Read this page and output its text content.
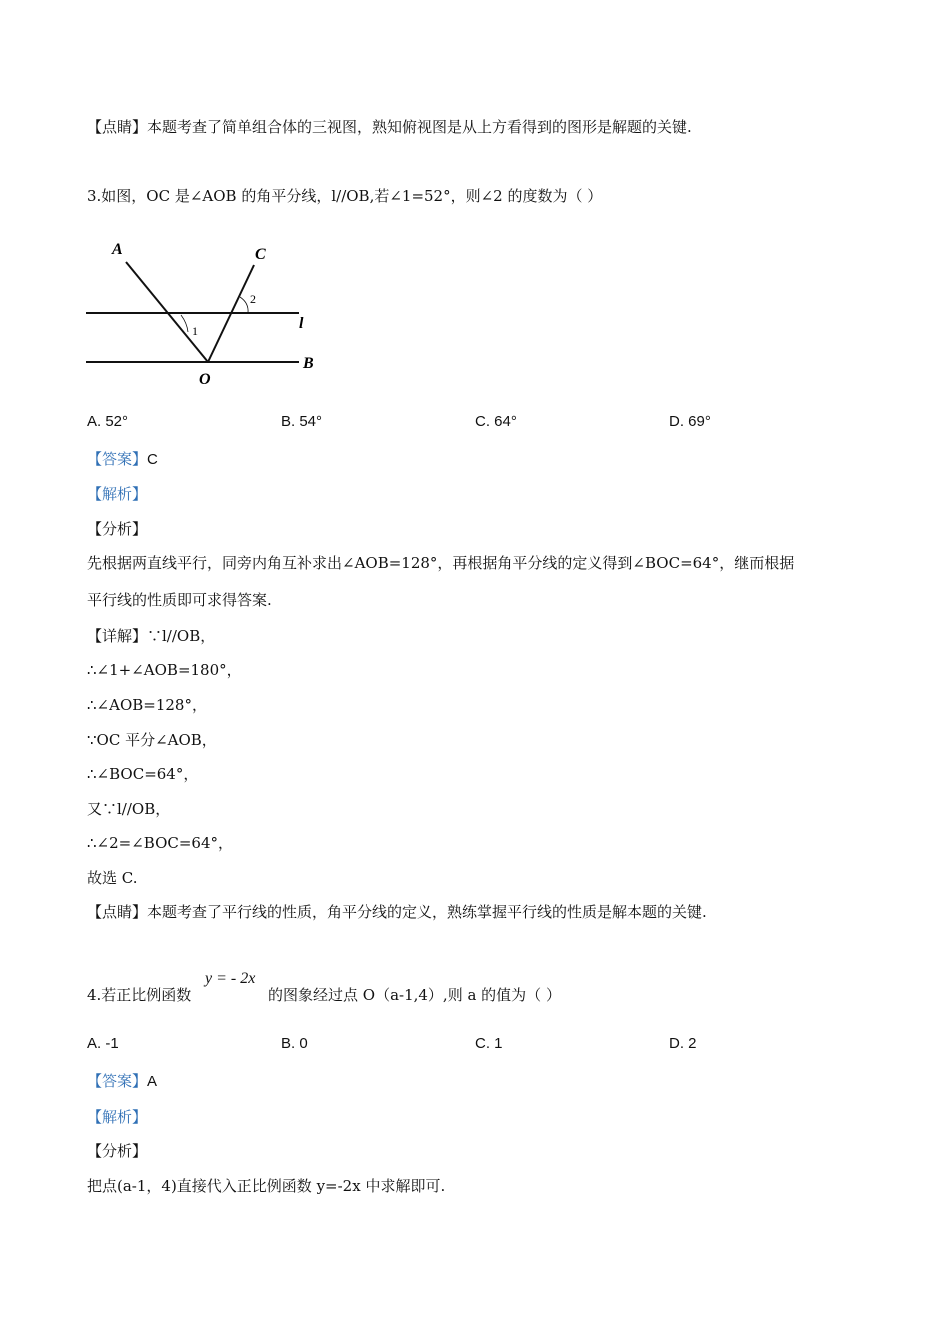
【点睛】本题考查了简单组合体的三视图，熟知俯视图是从上方看得到的图形是解题的关键.
3.如图，OC 是∠AOB 的角平分线，l//OB,若∠1=52°，则∠2 的度数为（ ）
A	C
2
l
1
B
O
A. 52°	B. 54°	C. 64°	D. 69°
【答案】C
【解析】
【分析】
先根据两直线平行，同旁内角互补求出∠AOB=128°，再根据角平分线的定义得到∠BOC=64°，继而根据
平行线的性质即可求得答案.
【详解】∵l//OB，
∴∠1+∠AOB=180°，
∴∠AOB=128°，
∵OC 平分∠AOB，
∴∠BOC=64°，
又∵l//OB，
∴∠2=∠BOC=64°，
故选 C.
【点睛】本题考查了平行线的性质，角平分线的定义，熟练掌握平行线的性质是解本题的关键.
4.若正比例函数
y = - 2x
的图象经过点 O（a-1,4）,则 a 的值为（ ）
A. -1	B. 0	C. 1	D. 2
【答案】A
【解析】
【分析】
把点(a-1，4)直接代入正比例函数 y=-2x 中求解即可.
